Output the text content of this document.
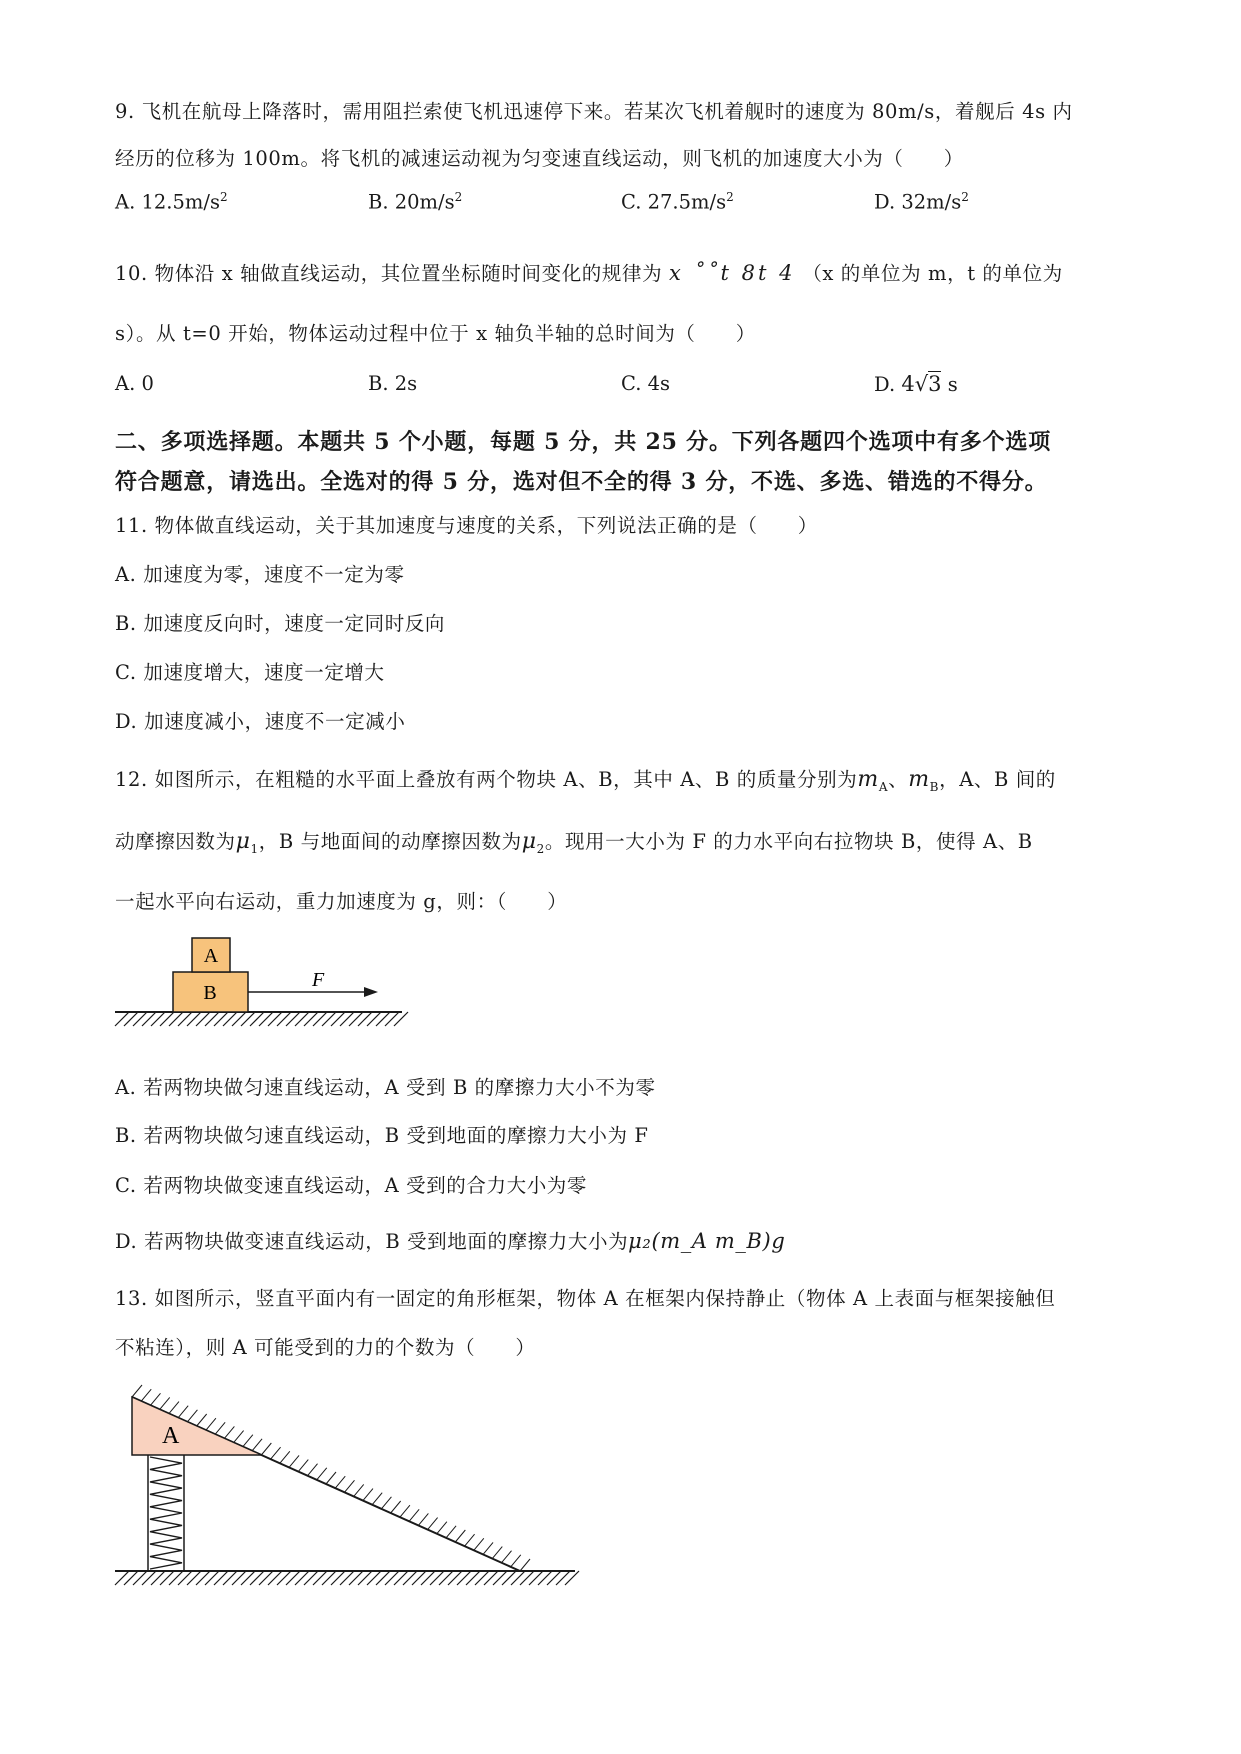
9. 飞机在航母上降落时，需用阻拦索使飞机迅速停下来。若某次飞机着舰时的速度为 80m/s，着舰后 4s 内
经历的位移为 100m。将飞机的减速运动视为匀变速直线运动，则飞机的加速度大小为（　　）
A. $12.5m/s^2$	B. $20m/s^2$	C. $27.5m/s^2$	D. $32m/s^2$
10. 物体沿 x 轴做直线运动，其位置坐标随时间变化的规律为 x ˚˚t 8t 4 （x 的单位为 m，t 的单位为
s）。从 t=0 开始，物体运动过程中位于 x 轴负半轴的总时间为（　　）
A. 0	B. 2s	C. 4s	D. 4√3 s
二、多项选择题。本题共 5 个小题，每题 5 分，共 25 分。下列各题四个选项中有多个选项
符合题意，请选出。全选对的得 5 分，选对但不全的得 3 分，不选、多选、错选的不得分。
11. 物体做直线运动，关于其加速度与速度的关系，下列说法正确的是（　　）
A. 加速度为零，速度不一定为零
B. 加速度反向时，速度一定同时反向
C. 加速度增大，速度一定增大
D. 加速度减小，速度不一定减小
12. 如图所示，在粗糙的水平面上叠放有两个物块 A、B，其中 A、B 的质量分别为$m_A$、$m_B$，A、B 间的
动摩擦因数为$\mu_1$，B 与地面间的动摩擦因数为$\mu_2$。现用一大小为 F 的力水平向右拉物块 B，使得 A、B
一起水平向右运动，重力加速度为 g，则：（　　）
A
B
F
A. 若两物块做匀速直线运动，A 受到 B 的摩擦力大小不为零
B. 若两物块做匀速直线运动，B 受到地面的摩擦力大小为 F
C. 若两物块做变速直线运动，A 受到的合力大小为零
D. 若两物块做变速直线运动，B 受到地面的摩擦力大小为μ₂(m_A m_B)g
13. 如图所示，竖直平面内有一固定的角形框架，物体 A 在框架内保持静止（物体 A 上表面与框架接触但
不粘连），则 A 可能受到的力的个数为（　　）
A
